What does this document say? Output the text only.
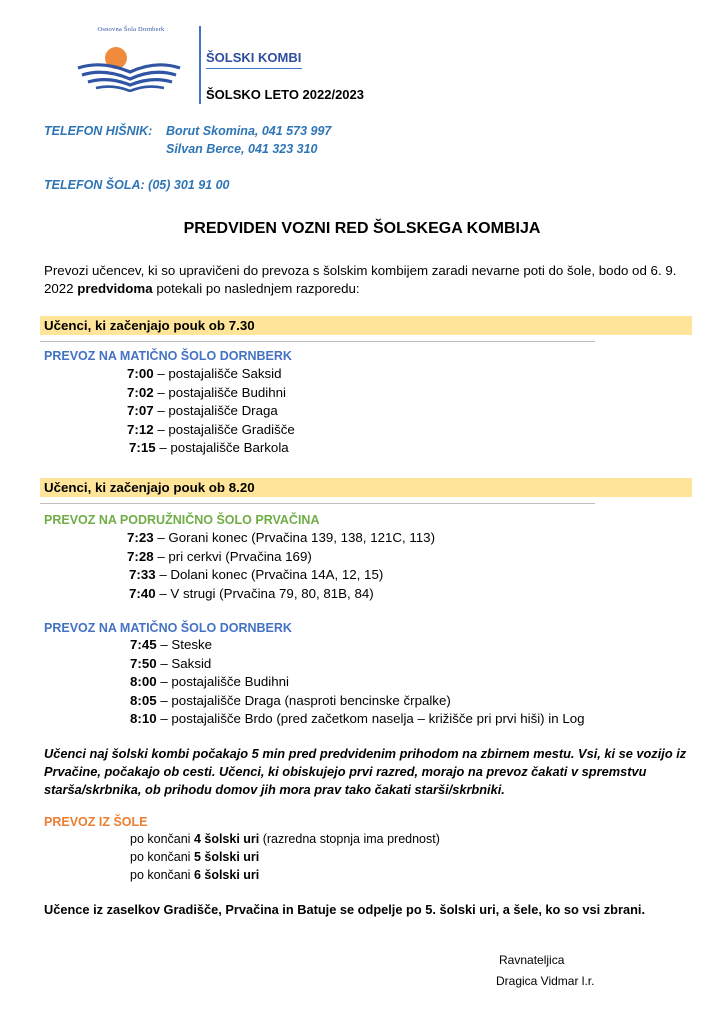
Osnovna Šola Dornberk
ŠOLSKI KOMBI
ŠOLSKO LETO 2022/2023
TELEFON HIŠNIK: Borut Skomina, 041 573 997
Silvan Berce, 041 323 310
TELEFON ŠOLA: (05) 301 91 00
PREDVIDEN VOZNI RED ŠOLSKEGA KOMBIJA
Prevozi učencev, ki so upravičeni do prevoza s šolskim kombijem zaradi nevarne poti do šole, bodo od 6. 9. 2022 predvidoma potekali po naslednjem razporedu:
Učenci, ki začenjajo pouk ob 7.30
PREVOZ NA MATIČNO ŠOLO DORNBERK
7:00 – postajališče Saksid
7:02 – postajališče Budihni
7:07 – postajališče Draga
7:12 – postajališče Gradišče
7:15 – postajališče Barkola
Učenci, ki začenjajo pouk ob 8.20
PREVOZ NA PODRUŽNIČNO ŠOLO PRVAČINA
7:23 – Gorani konec (Prvačina 139, 138, 121C, 113)
7:28 – pri cerkvi (Prvačina 169)
7:33 – Dolani konec (Prvačina 14A, 12, 15)
7:40 – V strugi (Prvačina 79, 80, 81B, 84)
PREVOZ NA MATIČNO ŠOLO DORNBERK
7:45 – Steske
7:50 – Saksid
8:00 – postajališče Budihni
8:05 – postajališče Draga (nasproti bencinske črpalke)
8:10 – postajališče Brdo (pred začetkom naselja – križišče pri prvi hiši) in Log
Učenci naj šolski kombi počakajo 5 min pred predvidenim prihodom na zbirnem mestu. Vsi, ki se vozijo iz Prvačine, počakajo ob cesti. Učenci, ki obiskujejo prvi razred, morajo na prevoz čakati v spremstvu starša/skrbnika, ob prihodu domov jih mora prav tako čakati starši/skrbniki.
PREVOZ IZ ŠOLE
po končani 4 šolski uri (razredna stopnja ima prednost)
po končani 5 šolski uri
po končani 6 šolski uri
Učence iz zaselkov Gradišče, Prvačina in Batuje se odpelje po 5. šolski uri, a šele, ko so vsi zbrani.
Ravnateljica
Dragica Vidmar l.r.
